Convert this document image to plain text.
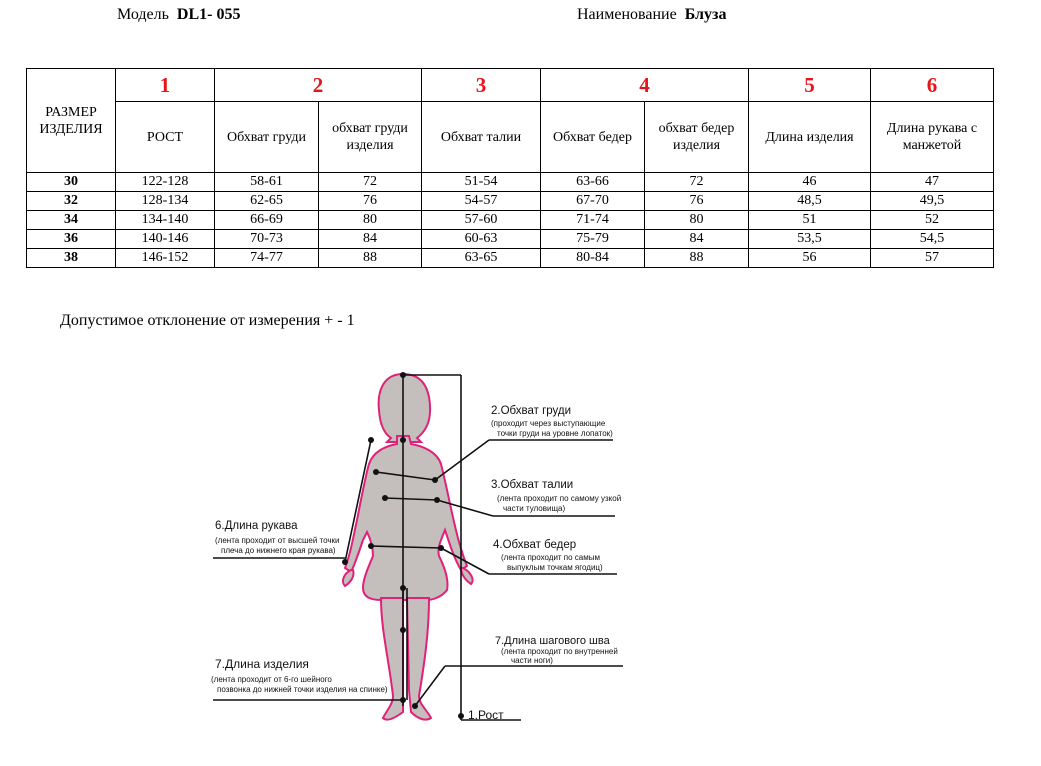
Модель DL1- 055	Наименование Блуза
РАЗМЕР ИЗДЕЛИЯ	1	2		3	4		5	6
	РОСТ	Обхват груди	обхват груди изделия	Обхват талии	Обхват бедер	обхват бедер изделия	Длина изделия	Длина рукава с манжетой
30	122-128	58-61	72	51-54	63-66	72	46	47
32	128-134	62-65	76	54-57	67-70	76	48,5	49,5
34	134-140	66-69	80	57-60	71-74	80	51	52
36	140-146	70-73	84	60-63	75-79	84	53,5	54,5
38	146-152	74-77	88	63-65	80-84	88	56	57
Допустимое отклонение от измерения + - 1
2.Обхват груди
(проходит через выступающие
точки груди на уровне лопаток)
3.Обхват талии
(лента проходит по самому узкой
части туловища)
6.Длина рукава
(лента проходит от высшей точки
плеча до нижнего края рукава)	4.Обхват бедер
(лента проходит по самым
выпуклым точкам ягодиц)
7.Длина шагового шва
(лента проходит по внутренней
части ноги)
7.Длина изделия
(лента проходит от 6-го шейного
позвонка до нижней точки изделия на спинке)
1.Рост
